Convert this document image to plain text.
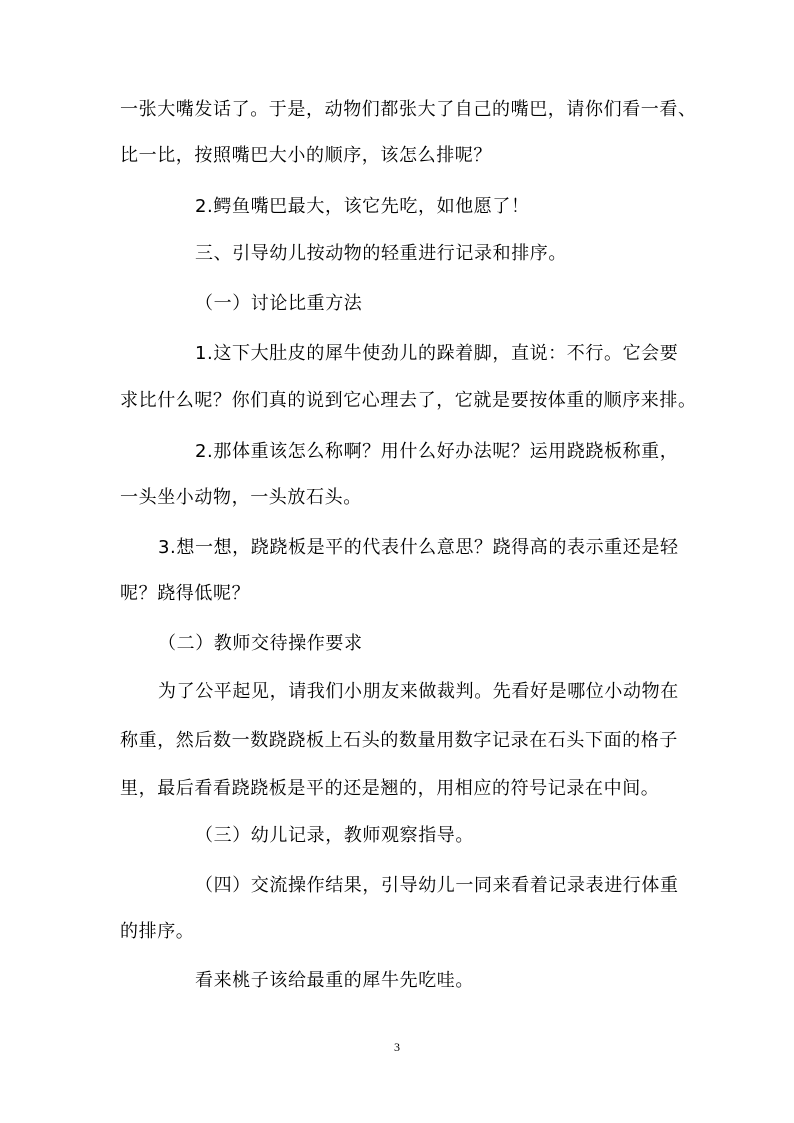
一张大嘴发话了。于是，动物们都张大了自己的嘴巴，请你们看一看、
比一比，按照嘴巴大小的顺序，该怎么排呢？
2.鳄鱼嘴巴最大，该它先吃，如他愿了！
三、引导幼儿按动物的轻重进行记录和排序。
（一）讨论比重方法
1.这下大肚皮的犀牛使劲儿的跺着脚，直说：不行。它会要
求比什么呢？你们真的说到它心理去了，它就是要按体重的顺序来排。
2.那体重该怎么称啊？用什么好办法呢？运用跷跷板称重，
一头坐小动物，一头放石头。
3.想一想，跷跷板是平的代表什么意思？跷得高的表示重还是轻
呢？跷得低呢？
（二）教师交待操作要求
为了公平起见，请我们小朋友来做裁判。先看好是哪位小动物在
称重，然后数一数跷跷板上石头的数量用数字记录在石头下面的格子
里，最后看看跷跷板是平的还是翘的，用相应的符号记录在中间。
（三）幼儿记录，教师观察指导。
（四）交流操作结果，引导幼儿一同来看着记录表进行体重
的排序。
看来桃子该给最重的犀牛先吃哇。
3
